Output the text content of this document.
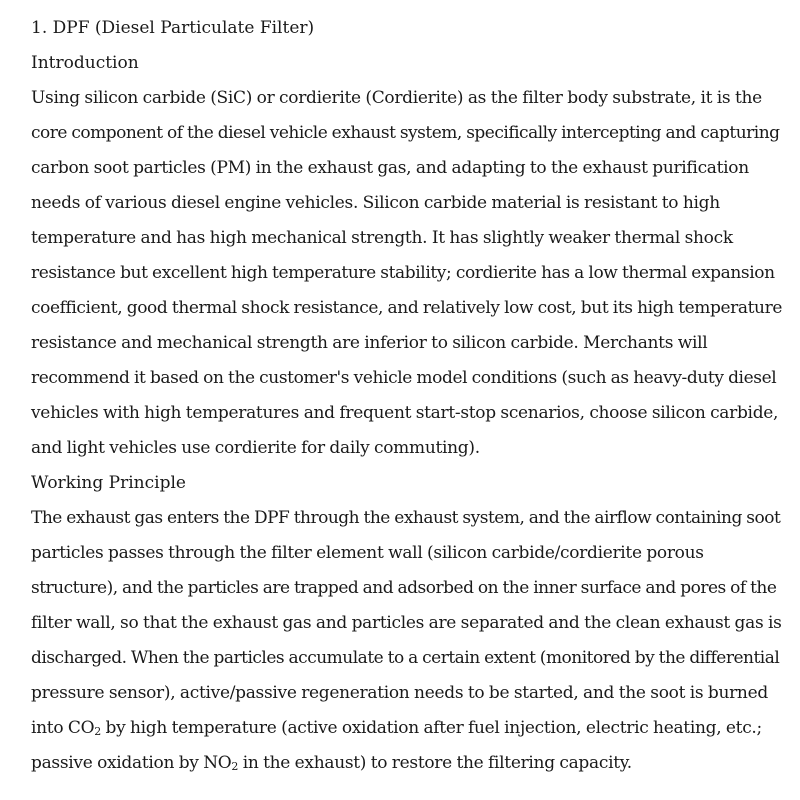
1. DPF (Diesel Particulate Filter)

Introduction

Using silicon carbide (SiC) or cordierite (Cordierite) as the filter body substrate, it is the
core component of the diesel vehicle exhaust system, specifically intercepting and capturing
carbon soot particles (PM) in the exhaust gas, and adapting to the exhaust purification
needs of various diesel engine vehicles. Silicon carbide material is resistant to high
temperature and has high mechanical strength. It has slightly weaker thermal shock
resistance but excellent high temperature stability; cordierite has a low thermal expansion
coefficient, good thermal shock resistance, and relatively low cost, but its high temperature
resistance and mechanical strength are inferior to silicon carbide. Merchants will
recommend it based on the customer's vehicle model conditions (such as heavy-duty diesel
vehicles with high temperatures and frequent start-stop scenarios, choose silicon carbide,
and light vehicles use cordierite for daily commuting).

Working Principle

The exhaust gas enters the DPF through the exhaust system, and the airflow containing soot
particles passes through the filter element wall (silicon carbide/cordierite porous
structure), and the particles are trapped and adsorbed on the inner surface and pores of the
filter wall, so that the exhaust gas and particles are separated and the clean exhaust gas is
discharged. When the particles accumulate to a certain extent (monitored by the differential
pressure sensor), active/passive regeneration needs to be started, and the soot is burned
into $CO_2$ by high temperature (active oxidation after fuel injection, electric heating, etc.;
passive oxidation by $NO_2$ in the exhaust) to restore the filtering capacity.
